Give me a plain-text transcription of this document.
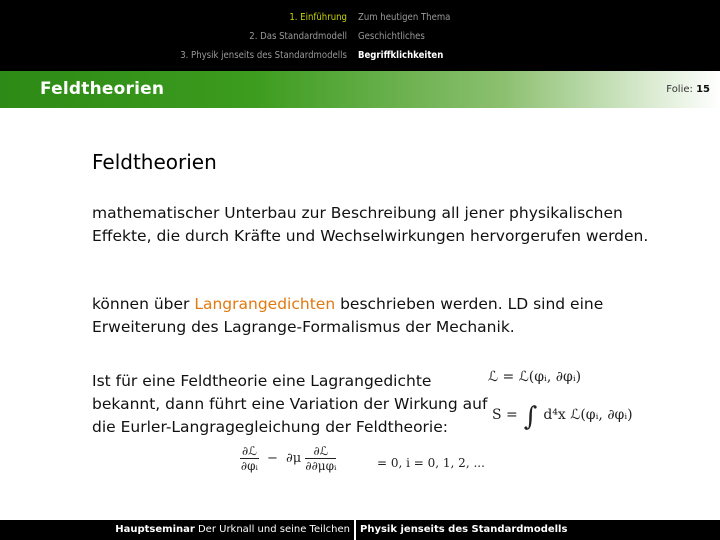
1. Einführung
2. Das Standardmodell
3. Physik jenseits des Standardmodells
Zum heutigen Thema
Geschichtliches
Begriffklichkeiten
Feldtheorien	Folie: 15
Feldtheorien
mathematischer Unterbau zur Beschreibung all jener physikalischen Effekte, die durch Kräfte und Wechselwirkungen hervorgerufen werden.
können über Langrangedichten beschrieben werden. LD sind eine Erweiterung des Lagrange-Formalismus der Mechanik.
Ist für eine Feldtheorie eine Lagrangedichte bekannt, dann führt eine Variation der Wirkung auf die Eurler-Langragegleichung der Feldtheorie:
ℒ = ℒ(φᵢ, ∂φᵢ)
S = ∫ d⁴x ℒ(φᵢ, ∂φᵢ)
$\frac{\text{∂ℒ}}{\text{∂φᵢ}} - \partial\mu \frac{\text{∂ℒ}}{\text{∂∂μφᵢ}}$	= 0, i = 0, 1, 2, ...
Hauptseminar Der Urknall und seine Teilchen Physik jenseits des Standardmodells
